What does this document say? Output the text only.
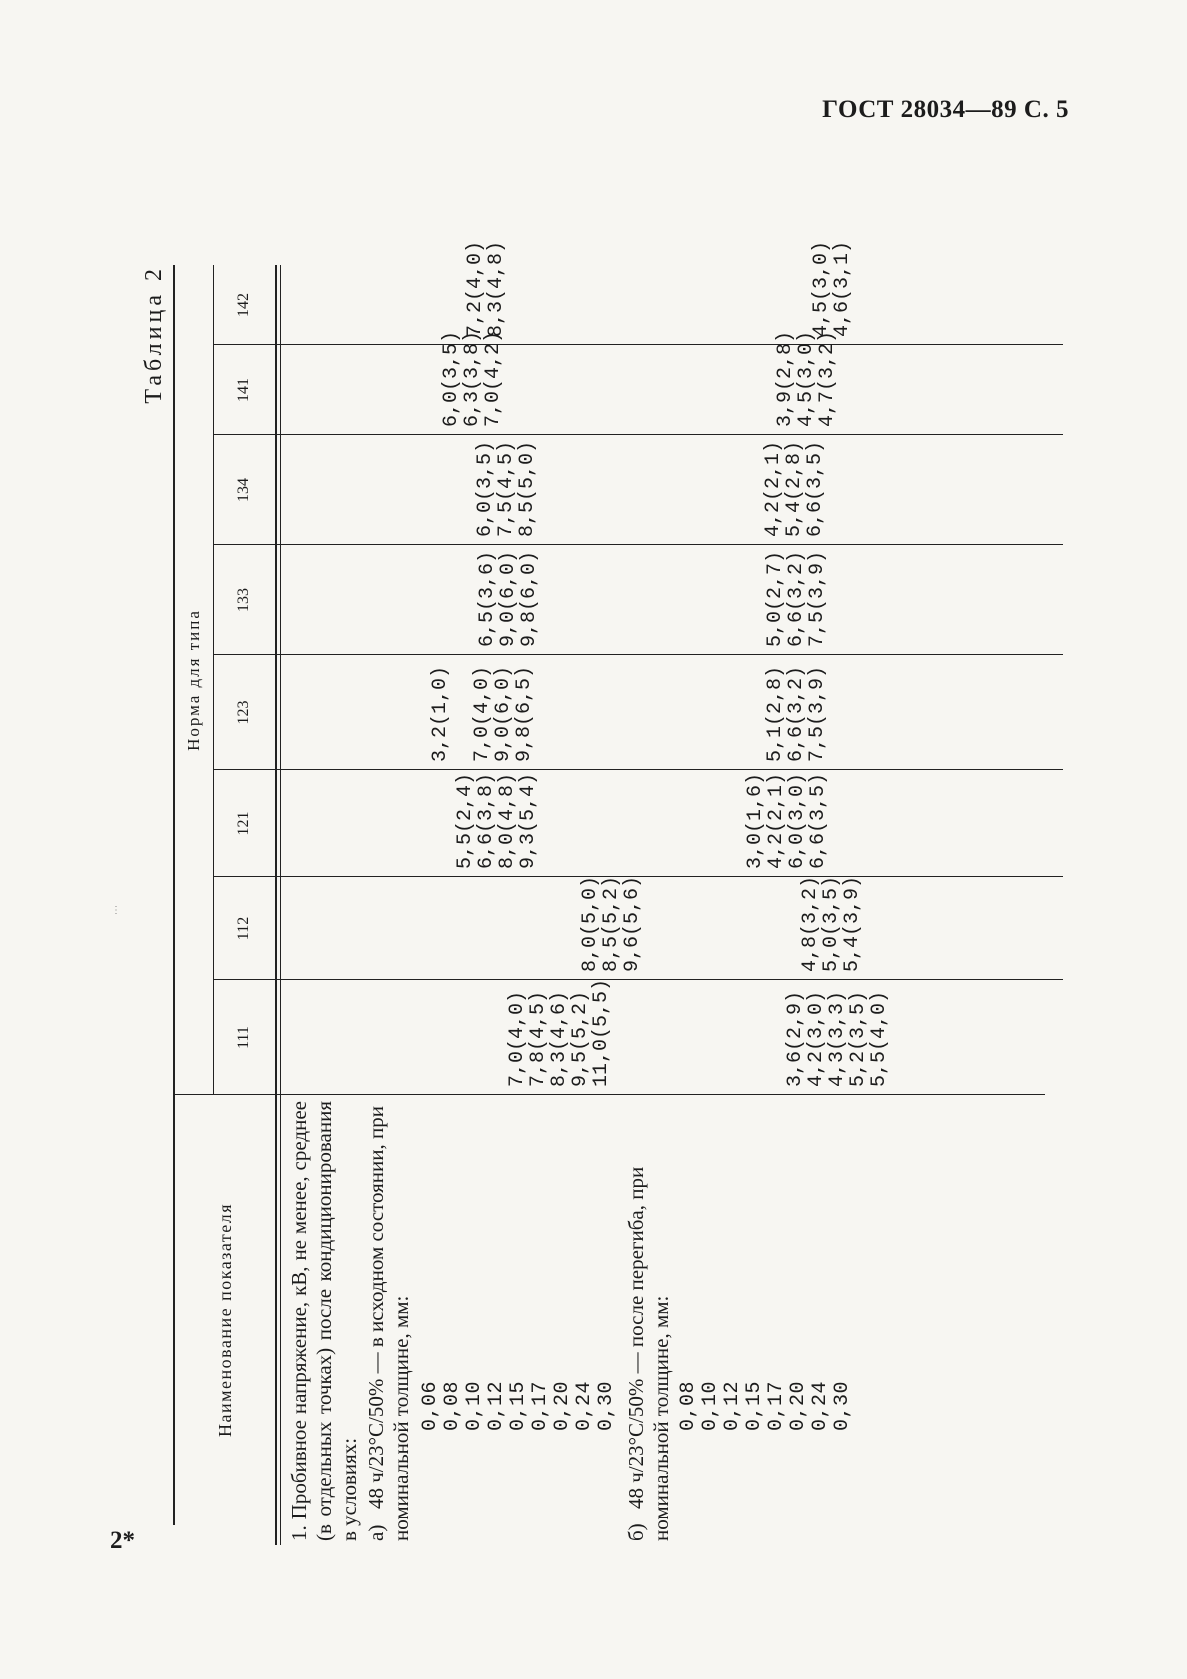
ГОСТ 28034—89 С. 5
2*
⋮
Таблица 2
Наименование показателя
Норма для типа
111
112
121
123
133
134
141
142

1. Пробивное напряжение, кВ, не менее, среднее (в отдельных точках) после кондиционирования в условиях: а)48 ч/23°C/50% — в исходном состоянии, при номинальной толщине, мм: 0,06 0,08 0,10 0,12 0,15 0,17 0,20 0,24 0,30
б)48 ч/23°C/50% — после перегиба, при номинальной толщине, мм: 0,08 0,10 0,12 0,15 0,17 0,20 0,24 0,30
7,0(4,0)
7,8(4,5)
8,3(4,6)
9,5(5,2)
11,0(5,5)
8,0(5,0)
8,5(5,2)
9,6(5,6)
5,5(2,4)
6,6(3,8)
8,0(4,8)
9,3(5,4)
3,2(1,0)
7,0(4,0)
9,0(6,0)
9,8(6,5)
6,5(3,6)
9,0(6,0)
9,8(6,0)
6,0(3,5)
7,5(4,5)
8,5(5,0)
6,0(3,5)
6,3(3,8)
7,0(4,2)
7,2(4,0)
8,3(4,8)
3,6(2,9)
4,2(3,0)
4,3(3,3)
5,2(3,5)
5,5(4,0)
4,8(3,2)
5,0(3,5)
5,4(3,9)
3,0(1,6)
4,2(2,1)
6,0(3,0)
6,6(3,5)
5,1(2,8)
6,6(3,2)
7,5(3,9)
5,0(2,7)
6,6(3,2)
7,5(3,9)
4,2(2,1)
5,4(2,8)
6,6(3,5)
3,9(2,8)
4,5(3,0)
4,7(3,2)
4,5(3,0)
4,6(3,1)
